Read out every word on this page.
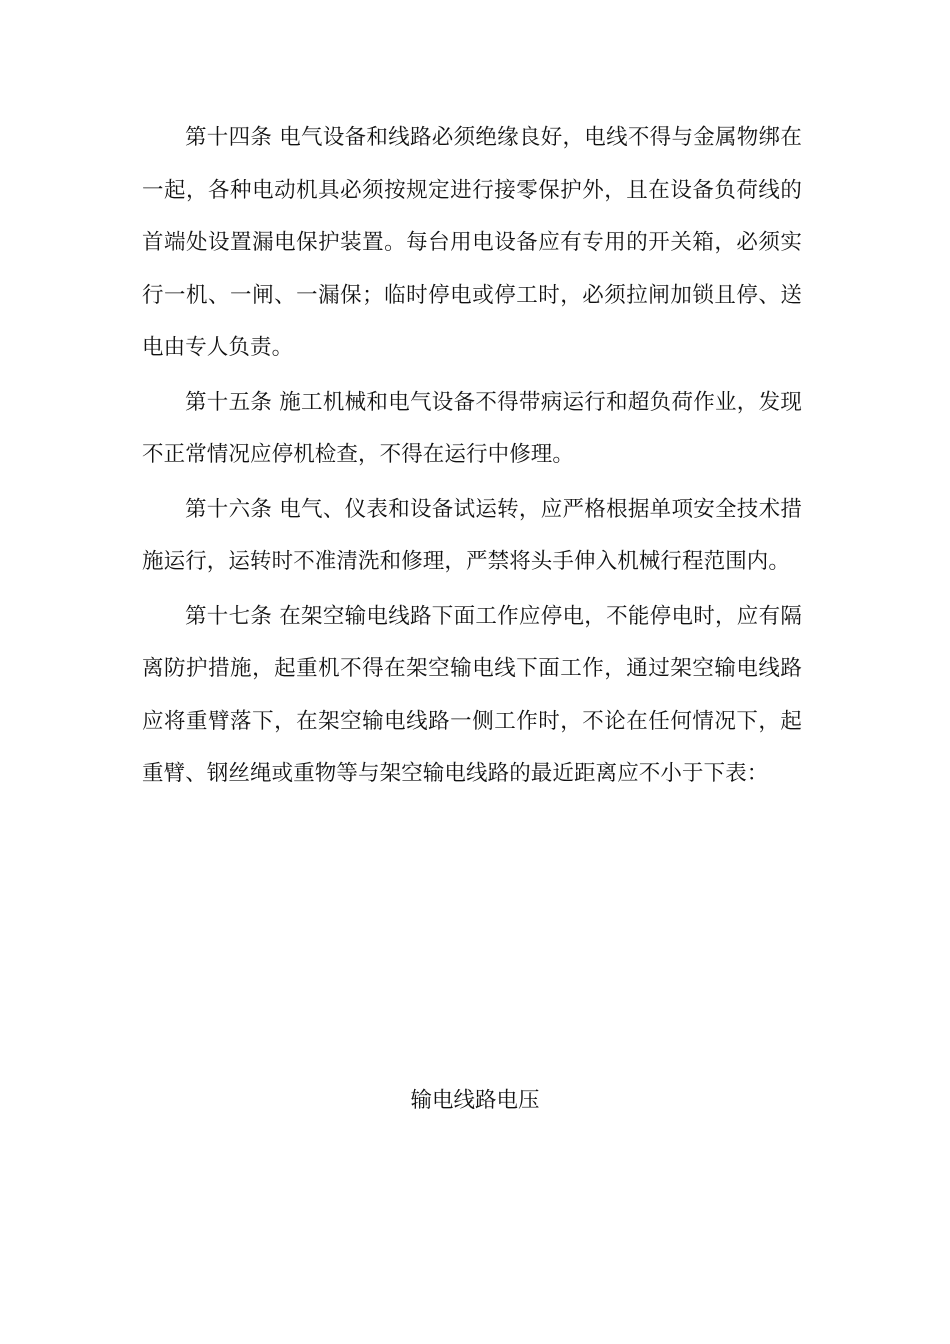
第十四条 电气设备和线路必须绝缘良好，电线不得与金属物绑在一起，各种电动机具必须按规定进行接零保护外，且在设备负荷线的首端处设置漏电保护装置。每台用电设备应有专用的开关箱，必须实行一机、一闸、一漏保；临时停电或停工时，必须拉闸加锁且停、送电由专人负责。

第十五条 施工机械和电气设备不得带病运行和超负荷作业，发现不正常情况应停机检查，不得在运行中修理。

第十六条 电气、仪表和设备试运转，应严格根据单项安全技术措施运行，运转时不准清洗和修理，严禁将头手伸入机械行程范围内。

第十七条 在架空输电线路下面工作应停电，不能停电时，应有隔离防护措施，起重机不得在架空输电线下面工作，通过架空输电线路应将重臂落下，在架空输电线路一侧工作时，不论在任何情况下，起重臂、钢丝绳或重物等与架空输电线路的最近距离应不小于下表：

输电线路电压
